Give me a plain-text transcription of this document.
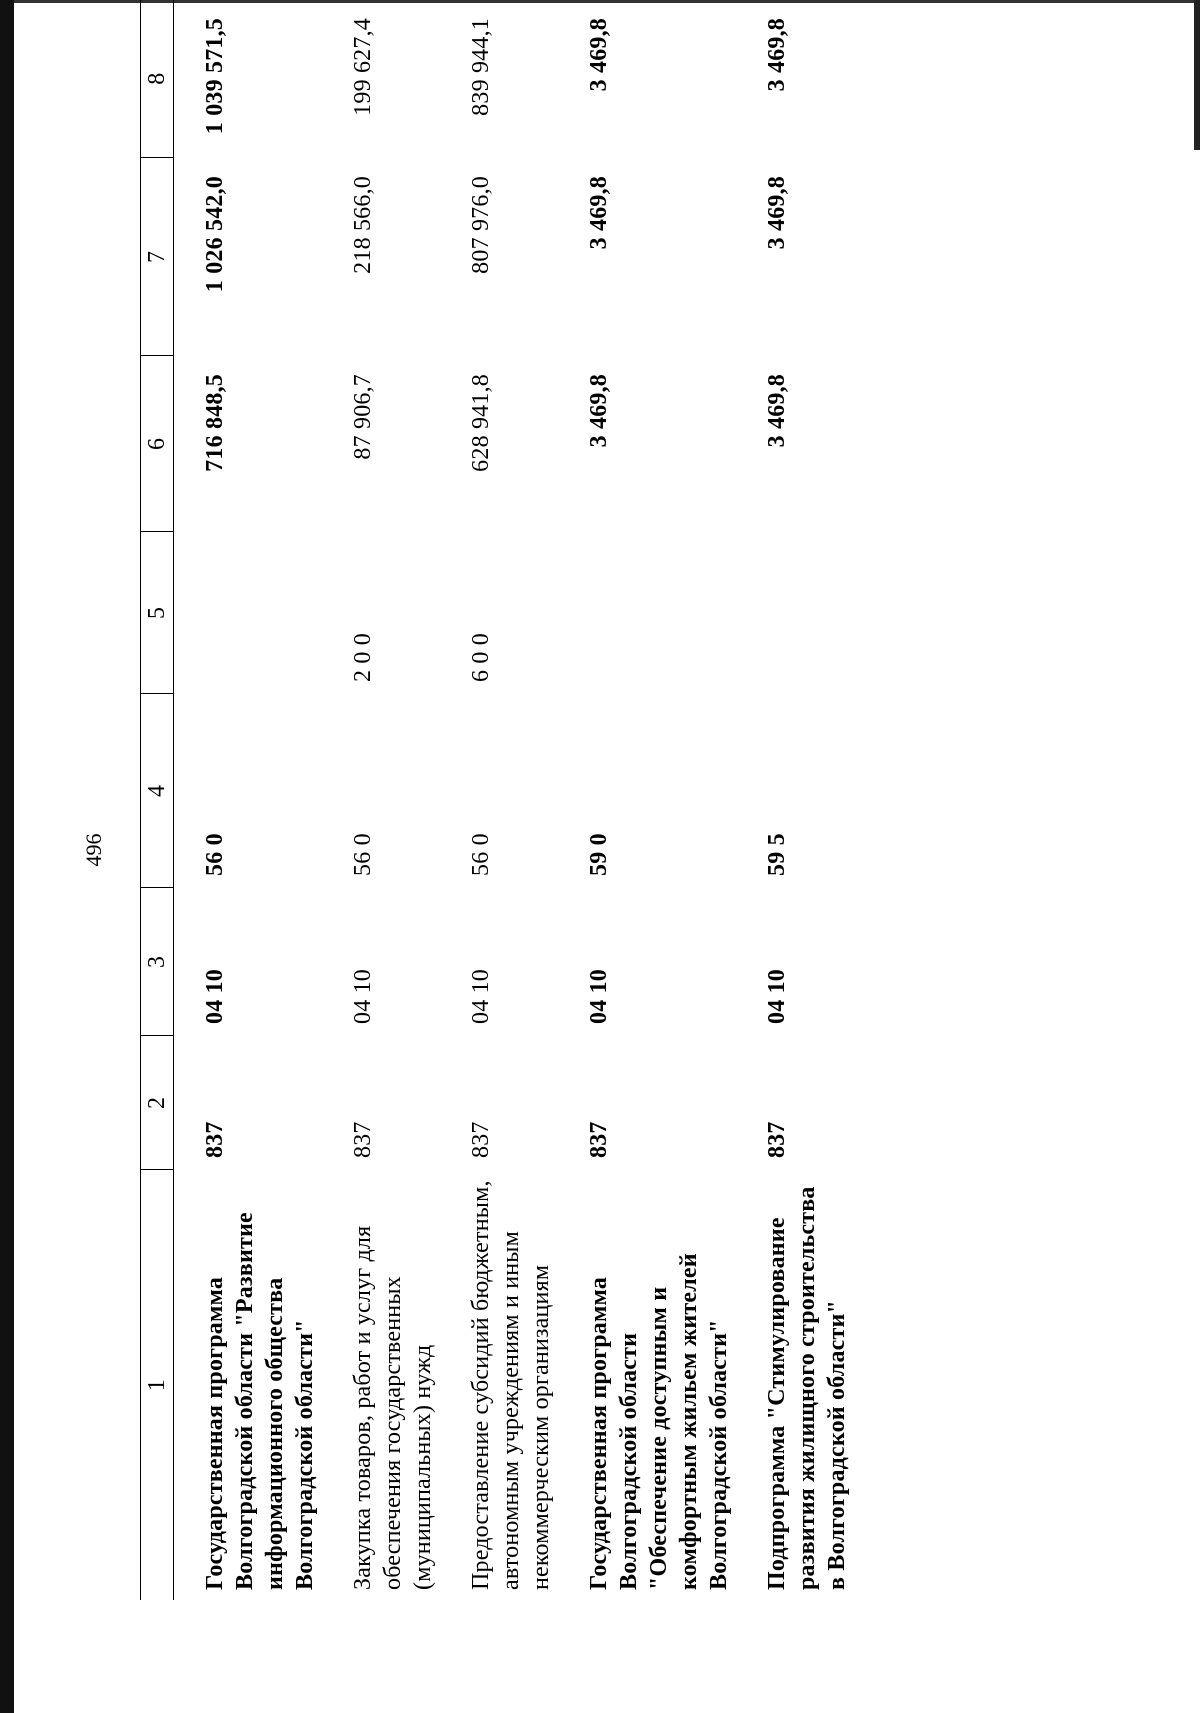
496
1	2	3	4	5	6	7	8
Государственная программа Волгоградской области "Развитие информационного общества Волгоградской области"	837	04 10	56 0		716 848,5	1 026 542,0	1 039 571,5
Закупка товаров, работ и услуг для обеспечения государственных (муниципальных) нужд	837	04 10	56 0	2 0 0	87 906,7	218 566,0	199 627,4
Предоставление субсидий бюджетным, автономным учреждениям и иным некоммерческим организациям	837	04 10	56 0	6 0 0	628 941,8	807 976,0	839 944,1
Государственная программа Волгоградской области "Обеспечение доступным и комфортным жильем жителей Волгоградской области"	837	04 10	59 0		3 469,8	3 469,8	3 469,8
Подпрограмма "Стимулирование развития жилищного строительства в Волгоградской области"	837	04 10	59 5		3 469,8	3 469,8	3 469,8
